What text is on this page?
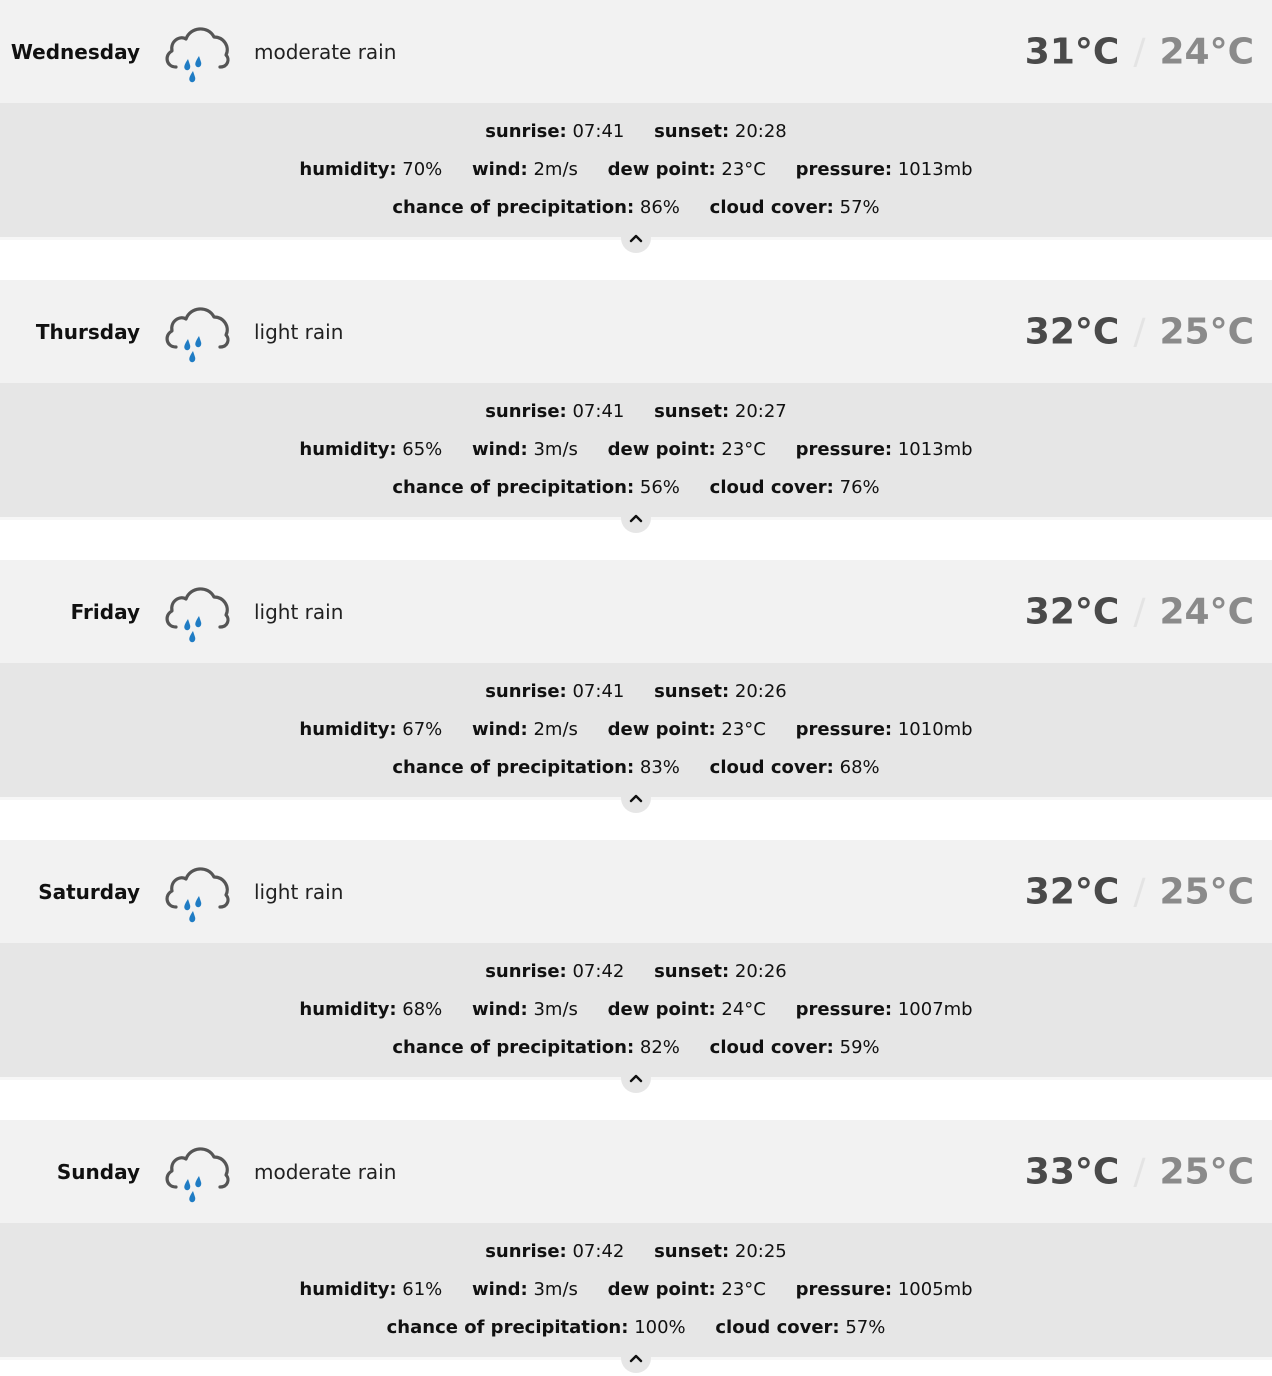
Wednesday	moderate rain	31°C / 24°C
sunrise: 07:41 sunset: 20:28
humidity: 70% wind: 2m/s dew point: 23°C pressure: 1013mb
chance of precipitation: 86% cloud cover: 57%
Thursday	light rain	32°C / 25°C
sunrise: 07:41 sunset: 20:27
humidity: 65% wind: 3m/s dew point: 23°C pressure: 1013mb
chance of precipitation: 56% cloud cover: 76%
Friday	light rain	32°C / 24°C
sunrise: 07:41 sunset: 20:26
humidity: 67% wind: 2m/s dew point: 23°C pressure: 1010mb
chance of precipitation: 83% cloud cover: 68%
Saturday	light rain	32°C / 25°C
sunrise: 07:42 sunset: 20:26
humidity: 68% wind: 3m/s dew point: 24°C pressure: 1007mb
chance of precipitation: 82% cloud cover: 59%
Sunday	moderate rain	33°C / 25°C
sunrise: 07:42 sunset: 20:25
humidity: 61% wind: 3m/s dew point: 23°C pressure: 1005mb
chance of precipitation: 100% cloud cover: 57%
